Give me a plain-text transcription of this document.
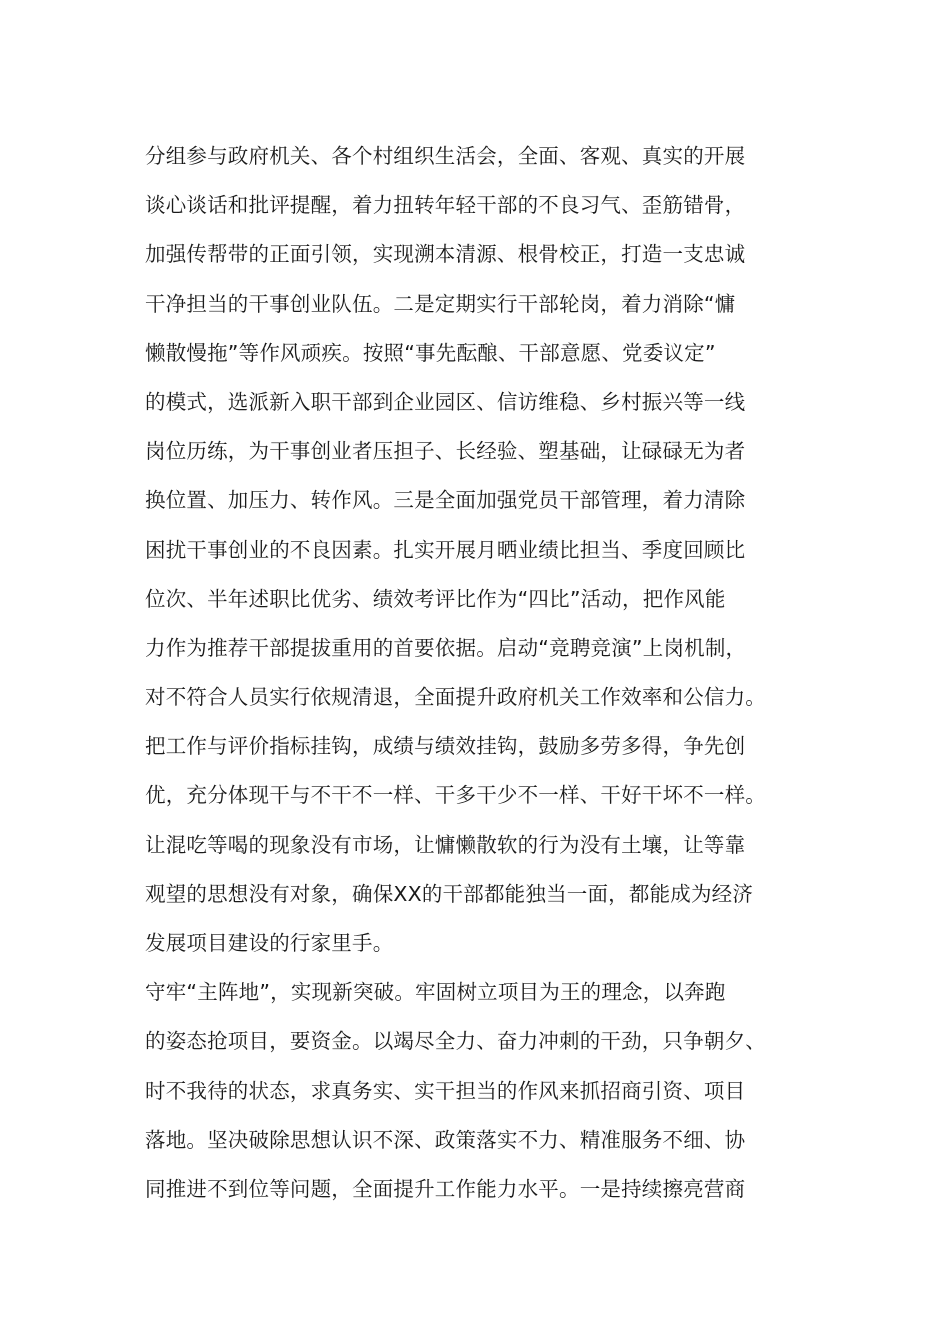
分组参与政府机关、各个村组织生活会，全面、客观、真实的开展
谈心谈话和批评提醒，着力扭转年轻干部的不良习气、歪筋错骨，
加强传帮带的正面引领，实现溯本清源、根骨校正，打造一支忠诚
干净担当的干事创业队伍。二是定期实行干部轮岗，着力消除“慵
懒散慢拖”等作风顽疾。按照“事先酝酿、干部意愿、党委议定”
的模式，选派新入职干部到企业园区、信访维稳、乡村振兴等一线
岗位历练，为干事创业者压担子、长经验、塑基础，让碌碌无为者
换位置、加压力、转作风。三是全面加强党员干部管理，着力清除
困扰干事创业的不良因素。扎实开展月晒业绩比担当、季度回顾比
位次、半年述职比优劣、绩效考评比作为“四比”活动，把作风能
力作为推荐干部提拔重用的首要依据。启动“竞聘竞演”上岗机制，
对不符合人员实行依规清退，全面提升政府机关工作效率和公信力。
把工作与评价指标挂钩，成绩与绩效挂钩，鼓励多劳多得，争先创
优，充分体现干与不干不一样、干多干少不一样、干好干坏不一样。
让混吃等喝的现象没有市场，让慵懒散软的行为没有土壤，让等靠
观望的思想没有对象，确保XX的干部都能独当一面，都能成为经济
发展项目建设的行家里手。
守牢“主阵地”，实现新突破。牢固树立项目为王的理念，以奔跑
的姿态抢项目，要资金。以竭尽全力、奋力冲刺的干劲，只争朝夕、
时不我待的状态，求真务实、实干担当的作风来抓招商引资、项目
落地。坚决破除思想认识不深、政策落实不力、精准服务不细、协
同推进不到位等问题，全面提升工作能力水平。一是持续擦亮营商
